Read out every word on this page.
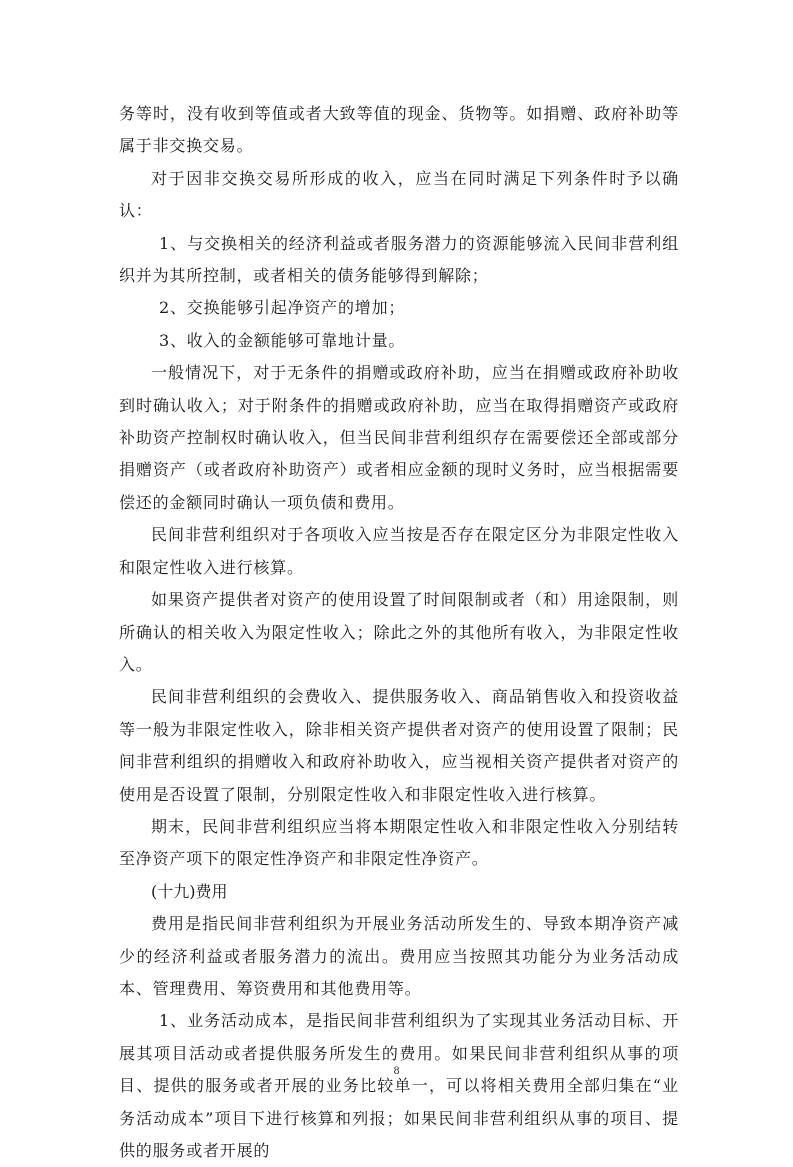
务等时，没有收到等值或者大致等值的现金、货物等。如捐赠、政府补助等属于非交换交易。

对于因非交换交易所形成的收入，应当在同时满足下列条件时予以确认：

1、与交换相关的经济利益或者服务潜力的资源能够流入民间非营利组织并为其所控制，或者相关的债务能够得到解除；

2、交换能够引起净资产的增加；

3、收入的金额能够可靠地计量。

一般情况下，对于无条件的捐赠或政府补助，应当在捐赠或政府补助收到时确认收入；对于附条件的捐赠或政府补助，应当在取得捐赠资产或政府补助资产控制权时确认收入，但当民间非营利组织存在需要偿还全部或部分捐赠资产（或者政府补助资产）或者相应金额的现时义务时，应当根据需要偿还的金额同时确认一项负债和费用。

民间非营利组织对于各项收入应当按是否存在限定区分为非限定性收入和限定性收入进行核算。

如果资产提供者对资产的使用设置了时间限制或者（和）用途限制，则所确认的相关收入为限定性收入；除此之外的其他所有收入，为非限定性收入。

民间非营利组织的会费收入、提供服务收入、商品销售收入和投资收益等一般为非限定性收入，除非相关资产提供者对资产的使用设置了限制；民间非营利组织的捐赠收入和政府补助收入，应当视相关资产提供者对资产的使用是否设置了限制，分别限定性收入和非限定性收入进行核算。

期末，民间非营利组织应当将本期限定性收入和非限定性收入分别结转至净资产项下的限定性净资产和非限定性净资产。

(十九)费用

费用是指民间非营利组织为开展业务活动所发生的、导致本期净资产减少的经济利益或者服务潜力的流出。费用应当按照其功能分为业务活动成本、管理费用、筹资费用和其他费用等。

1、业务活动成本，是指民间非营利组织为了实现其业务活动目标、开展其项目活动或者提供服务所发生的费用。如果民间非营利组织从事的项目、提供的服务或者开展的业务比较单一，可以将相关费用全部归集在“业务活动成本”项目下进行核算和列报；如果民间非营利组织从事的项目、提供的服务或者开展的

8
